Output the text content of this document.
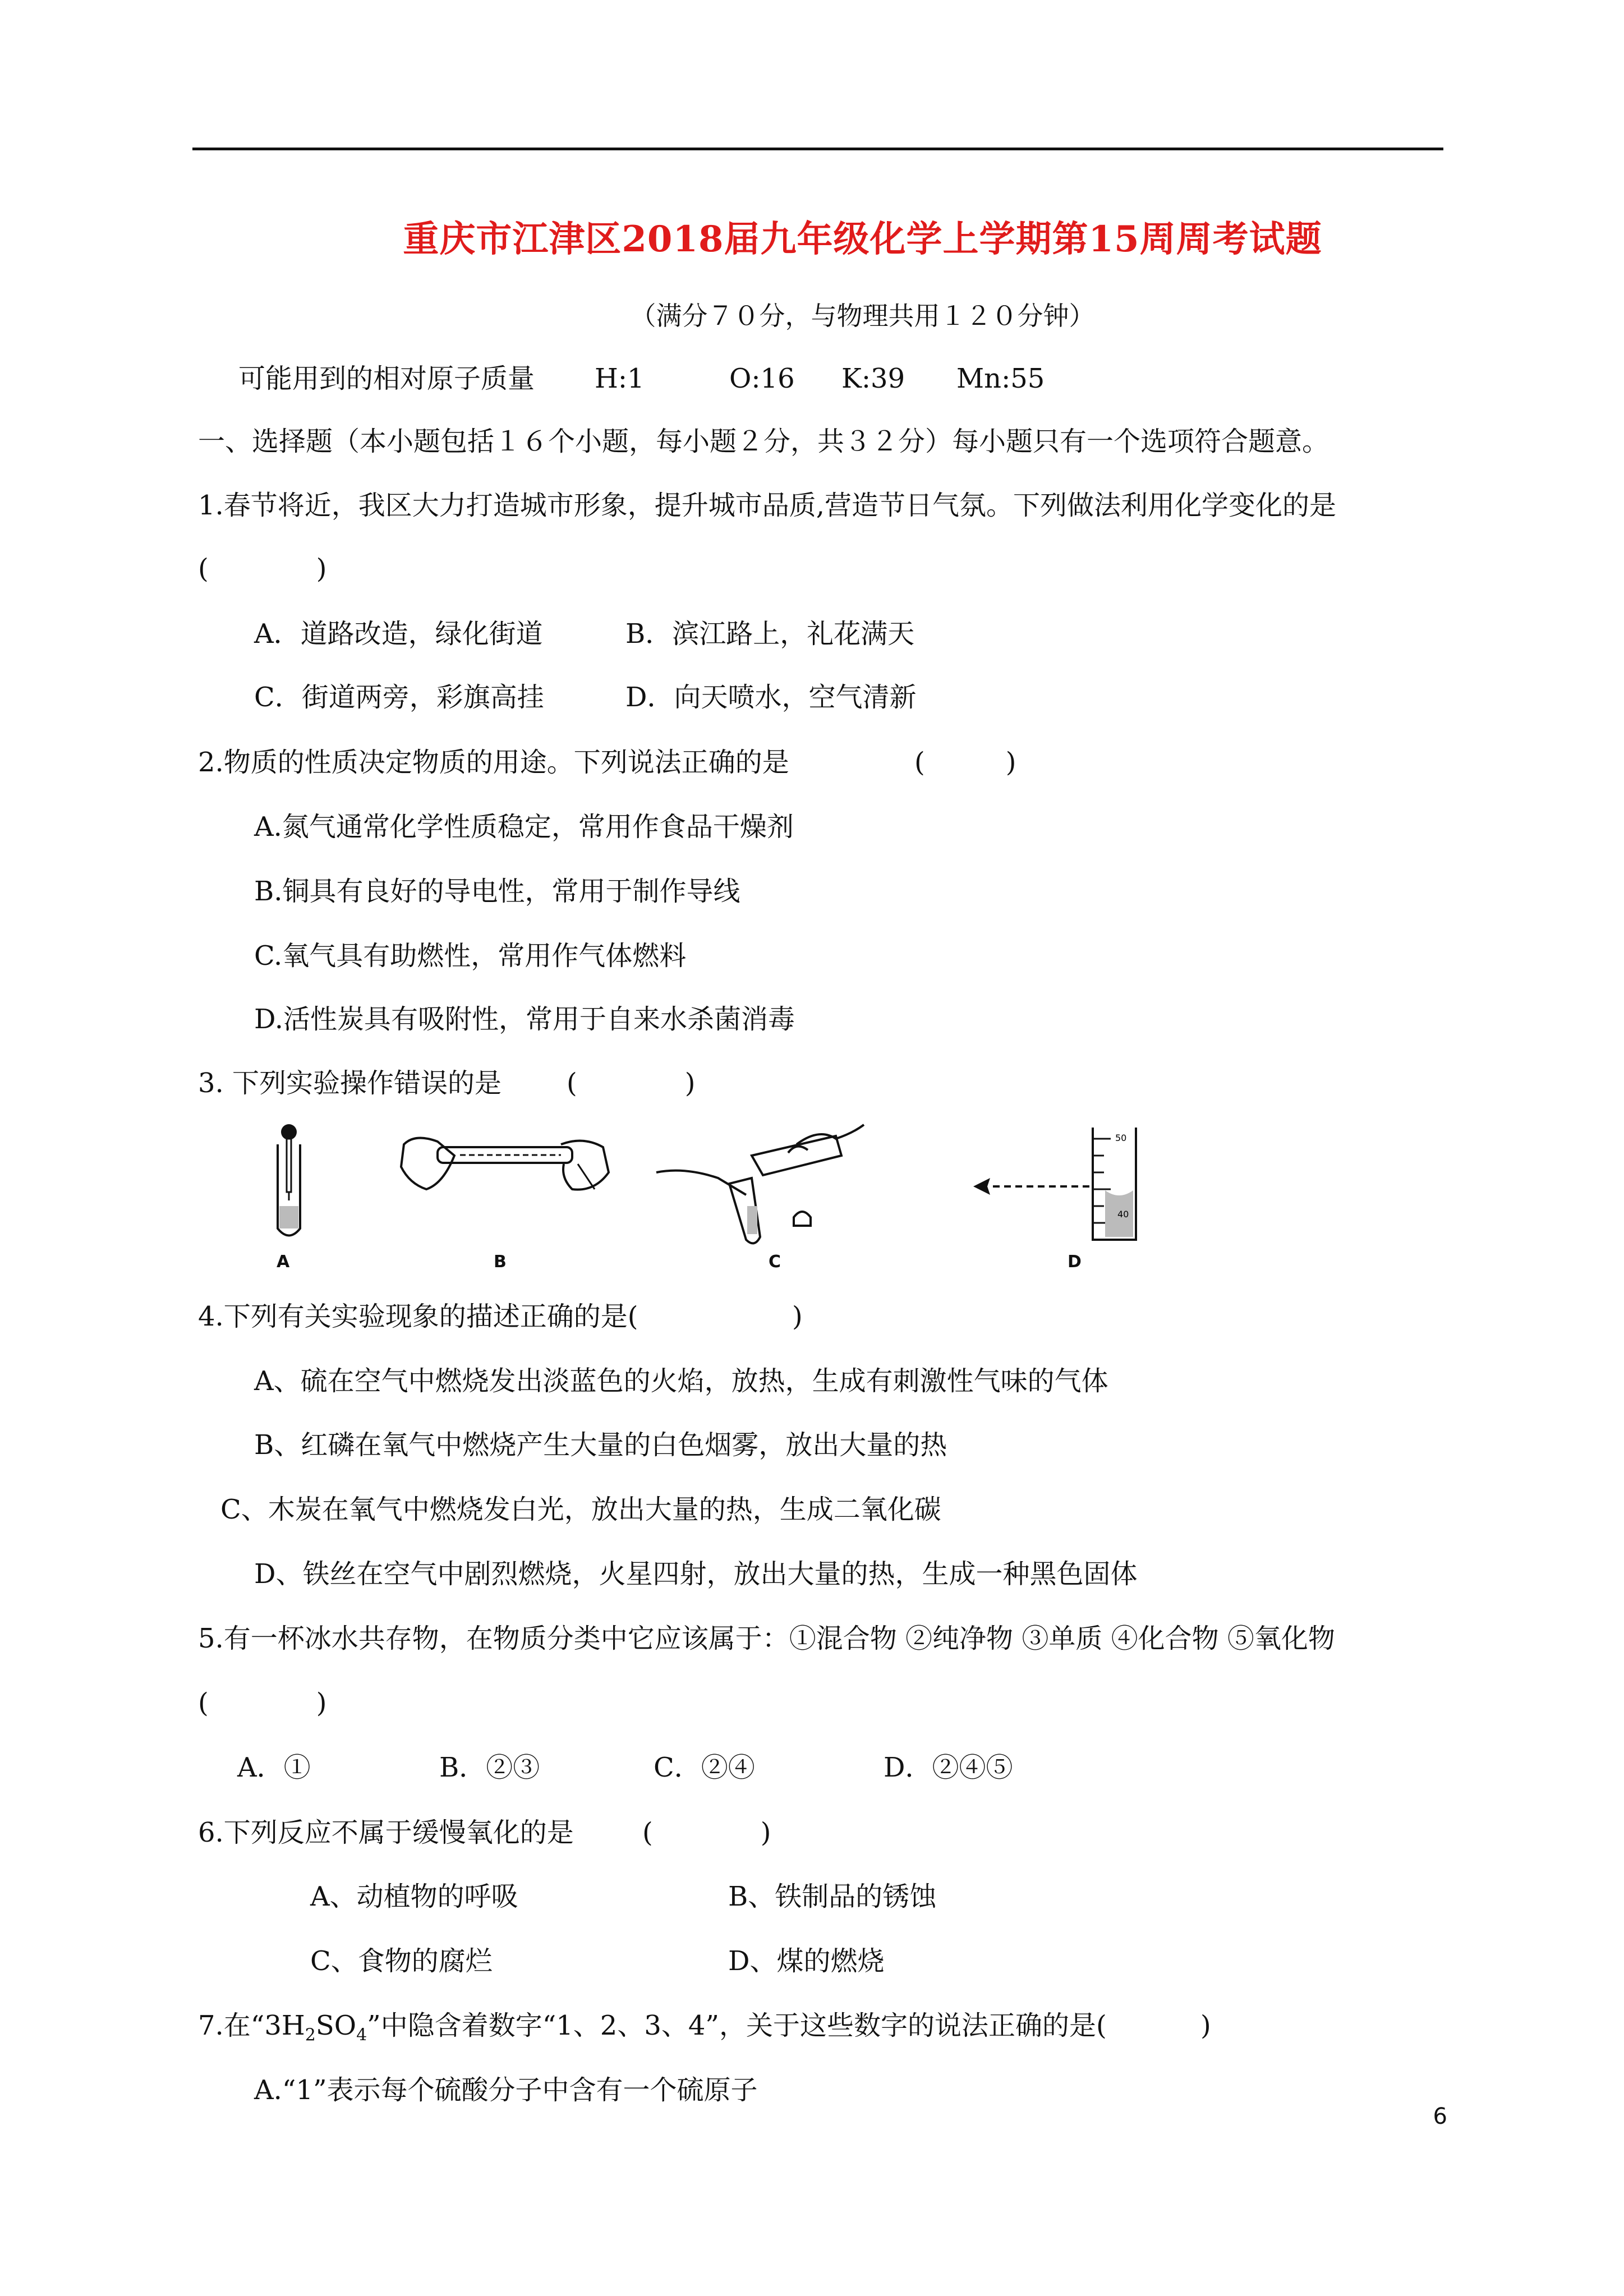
重庆市江津区2018届九年级化学上学期第15周周考试题
（满分７０分，与物理共用１２０分钟）
可能用到的相对原子质量 H:1	O:16 K:39 Mn:55
一、选择题（本小题包括１６个小题，每小题２分，共３２分）每小题只有一个选项符合题意。
1.春节将近，我区大力打造城市形象，提升城市品质,营造节日气氛。下列做法利用化学变化的是
(　　　　)
A．道路改造，绿化街道	B．滨江路上，礼花满天
C．街道两旁，彩旗高挂	D．向天喷水，空气清新
2.物质的性质决定物质的用途。下列说法正确的是	(　　　)
A.氮气通常化学性质稳定，常用作食品干燥剂
B.铜具有良好的导电性，常用于制作导线
C.氧气具有助燃性，常用作气体燃料
D.活性炭具有吸附性，常用于自来水杀菌消毒
3. 下列实验操作错误的是 (　　　　)
A	B	C
50
40
D
4.下列有关实验现象的描述正确的是(	)
A、硫在空气中燃烧发出淡蓝色的火焰，放热，生成有刺激性气味的气体
B、红磷在氧气中燃烧产生大量的白色烟雾，放出大量的热
C、木炭在氧气中燃烧发白光，放出大量的热，生成二氧化碳
D、铁丝在空气中剧烈燃烧，火星四射，放出大量的热，生成一种黑色固体
5.有一杯冰水共存物，在物质分类中它应该属于：①混合物 ②纯净物 ③单质 ④化合物 ⑤氧化物
(　　　　)
A．①	B．②③	C．②④	D．②④⑤
6.下列反应不属于缓慢氧化的是	(　　　　)
A、动植物的呼吸	B、铁制品的锈蚀
C、食物的腐烂	D、煤的燃烧
7.在“$3H_2SO_4$”中隐含着数字“1、2、3、4”，关于这些数字的说法正确的是(	)
A.“1”表示每个硫酸分子中含有一个硫原子
6
